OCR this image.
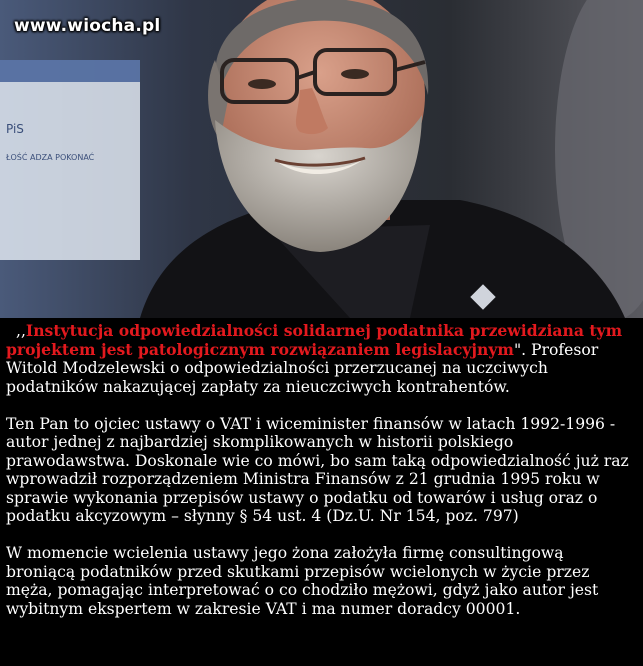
PiS
ŁOŚĆ ADZA POKONAĆ
www.wiocha.pl

,,Instytucja odpowiedzialności solidarnej podatnika przewidziana tym projektem jest patologicznym rozwiązaniem legislacyjnym". Profesor Witold Modzelewski o odpowiedzialności przerzucanej na uczciwych podatników nakazującej zapłaty za nieuczciwych kontrahentów.

Ten Pan to ojciec ustawy o VAT i wiceminister finansów w latach 1992-1996 - autor jednej z najbardziej skomplikowanych w historii polskiego prawodawstwa. Doskonale wie co mówi, bo sam taką odpowiedzialność już raz wprowadził rozporządzeniem Ministra Finansów z 21 grudnia 1995 roku w sprawie wykonania przepisów ustawy o podatku od towarów i usług oraz o podatku akcyzowym – słynny § 54 ust. 4 (Dz.U. Nr 154, poz. 797)

W momencie wcielenia ustawy jego żona założyła firmę consultingową broniącą podatników przed skutkami przepisów wcielonych w życie przez męża, pomagając interpretować o co chodziło mężowi, gdyż jako autor jest wybitnym ekspertem w zakresie VAT i ma numer doradcy 00001.
